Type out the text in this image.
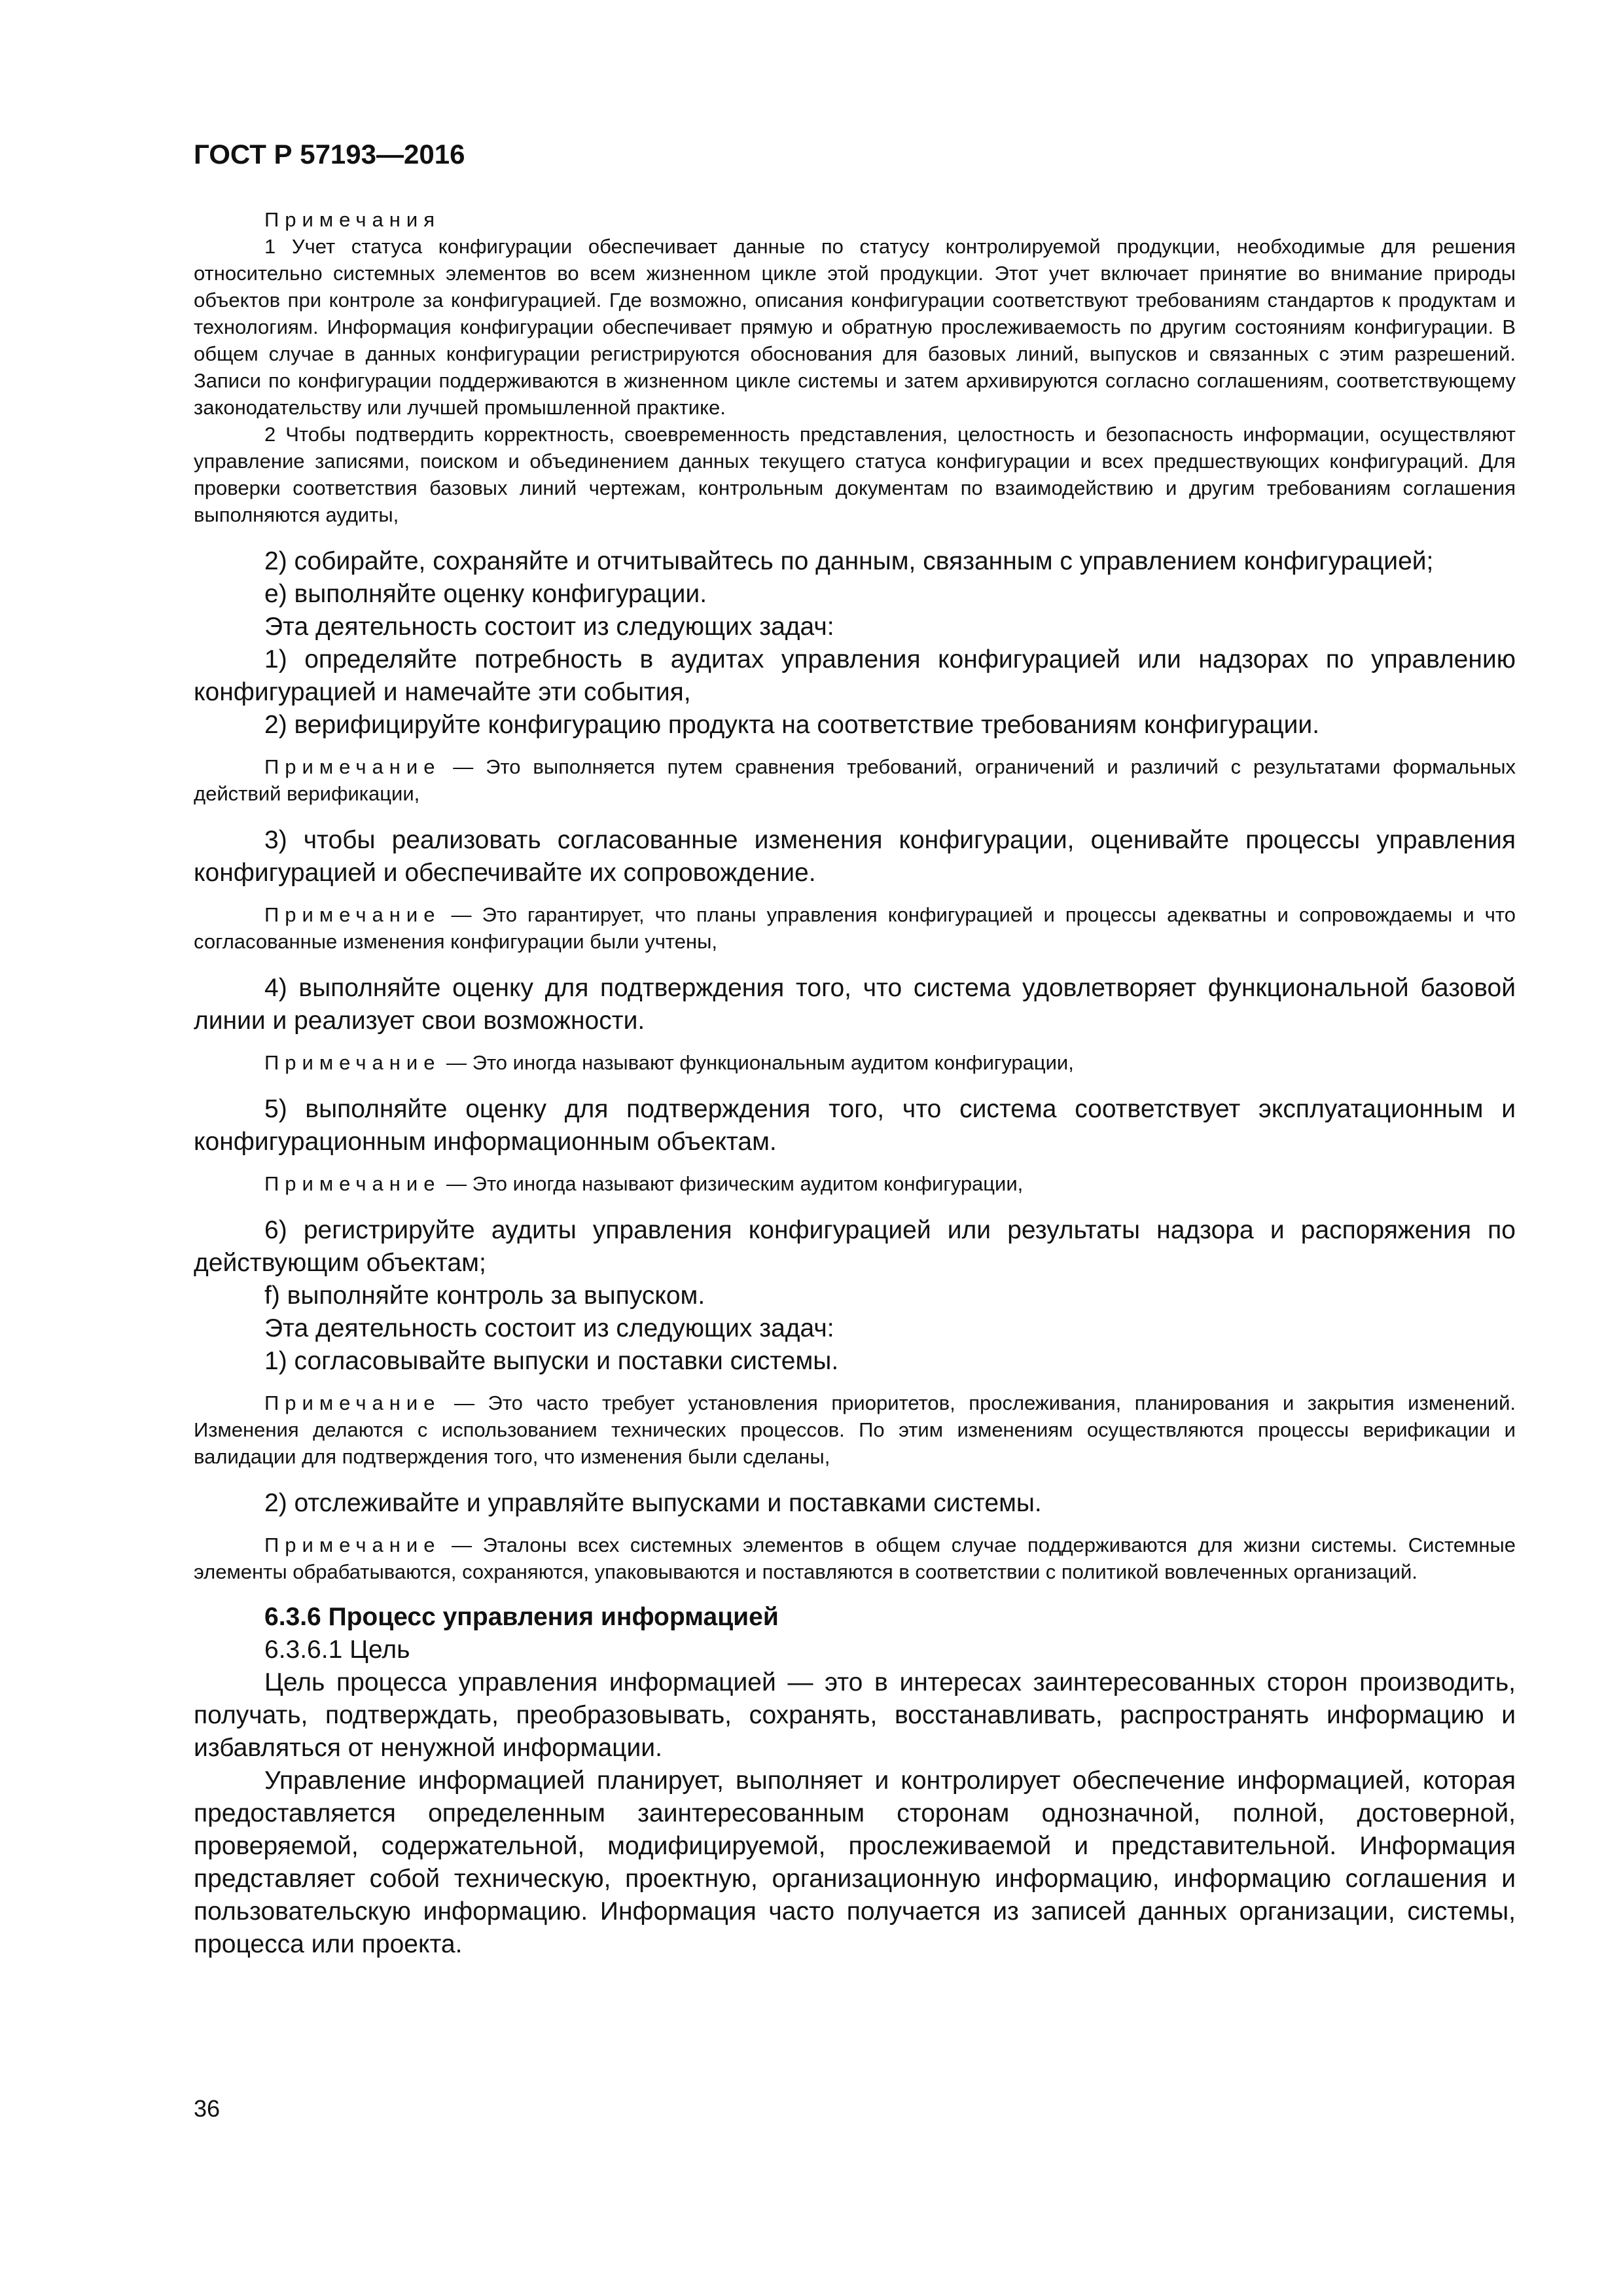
ГОСТ Р 57193—2016

Примечания

1 Учет статуса конфигурации обеспечивает данные по статусу контролируемой продукции, необходимые для решения относительно системных элементов во всем жизненном цикле этой продукции. Этот учет включает принятие во внимание природы объектов при контроле за конфигурацией. Где возможно, описания конфигурации соответствуют требованиям стандартов к продуктам и технологиям. Информация конфигурации обеспечивает прямую и обратную прослеживаемость по другим состояниям конфигурации. В общем случае в данных конфигурации регистрируются обоснования для базовых линий, выпусков и связанных с этим разрешений. Записи по конфигурации поддерживаются в жизненном цикле системы и затем архивируются согласно соглашениям, соответствующему законодательству или лучшей промышленной практике.

2 Чтобы подтвердить корректность, своевременность представления, целостность и безопасность информации, осуществляют управление записями, поиском и объединением данных текущего статуса конфигурации и всех предшествующих конфигураций. Для проверки соответствия базовых линий чертежам, контрольным документам по взаимодействию и другим требованиям соглашения выполняются аудиты,

2) собирайте, сохраняйте и отчитывайтесь по данным, связанным с управлением конфигурацией;

е) выполняйте оценку конфигурации.

Эта деятельность состоит из следующих задач:

1) определяйте потребность в аудитах управления конфигурацией или надзорах по управлению конфигурацией и намечайте эти события,

2) верифицируйте конфигурацию продукта на соответствие требованиям конфигурации.

Примечание — Это выполняется путем сравнения требований, ограничений и различий с результатами формальных действий верификации,

3) чтобы реализовать согласованные изменения конфигурации, оценивайте процессы управления конфигурацией и обеспечивайте их сопровождение.

Примечание — Это гарантирует, что планы управления конфигурацией и процессы адекватны и сопровождаемы и что согласованные изменения конфигурации были учтены,

4) выполняйте оценку для подтверждения того, что система удовлетворяет функциональной базовой линии и реализует свои возможности.

Примечание — Это иногда называют функциональным аудитом конфигурации,

5) выполняйте оценку для подтверждения того, что система соответствует эксплуатационным и конфигурационным информационным объектам.

Примечание — Это иногда называют физическим аудитом конфигурации,

6) регистрируйте аудиты управления конфигурацией или результаты надзора и распоряжения по действующим объектам;

f) выполняйте контроль за выпуском.

Эта деятельность состоит из следующих задач:

1) согласовывайте выпуски и поставки системы.

Примечание — Это часто требует установления приоритетов, прослеживания, планирования и закрытия изменений. Изменения делаются с использованием технических процессов. По этим изменениям осуществляются процессы верификации и валидации для подтверждения того, что изменения были сделаны,

2) отслеживайте и управляйте выпусками и поставками системы.

Примечание — Эталоны всех системных элементов в общем случае поддерживаются для жизни системы. Системные элементы обрабатываются, сохраняются, упаковываются и поставляются в соответствии с политикой вовлеченных организаций.

6.3.6 Процесс управления информацией

6.3.6.1 Цель

Цель процесса управления информацией — это в интересах заинтересованных сторон производить, получать, подтверждать, преобразовывать, сохранять, восстанавливать, распространять информацию и избавляться от ненужной информации.

Управление информацией планирует, выполняет и контролирует обеспечение информацией, которая предоставляется определенным заинтересованным сторонам однозначной, полной, достоверной, проверяемой, содержательной, модифицируемой, прослеживаемой и представительной. Информация представляет собой техническую, проектную, организационную информацию, информацию соглашения и пользовательскую информацию. Информация часто получается из записей данных организации, системы, процесса или проекта.

36
